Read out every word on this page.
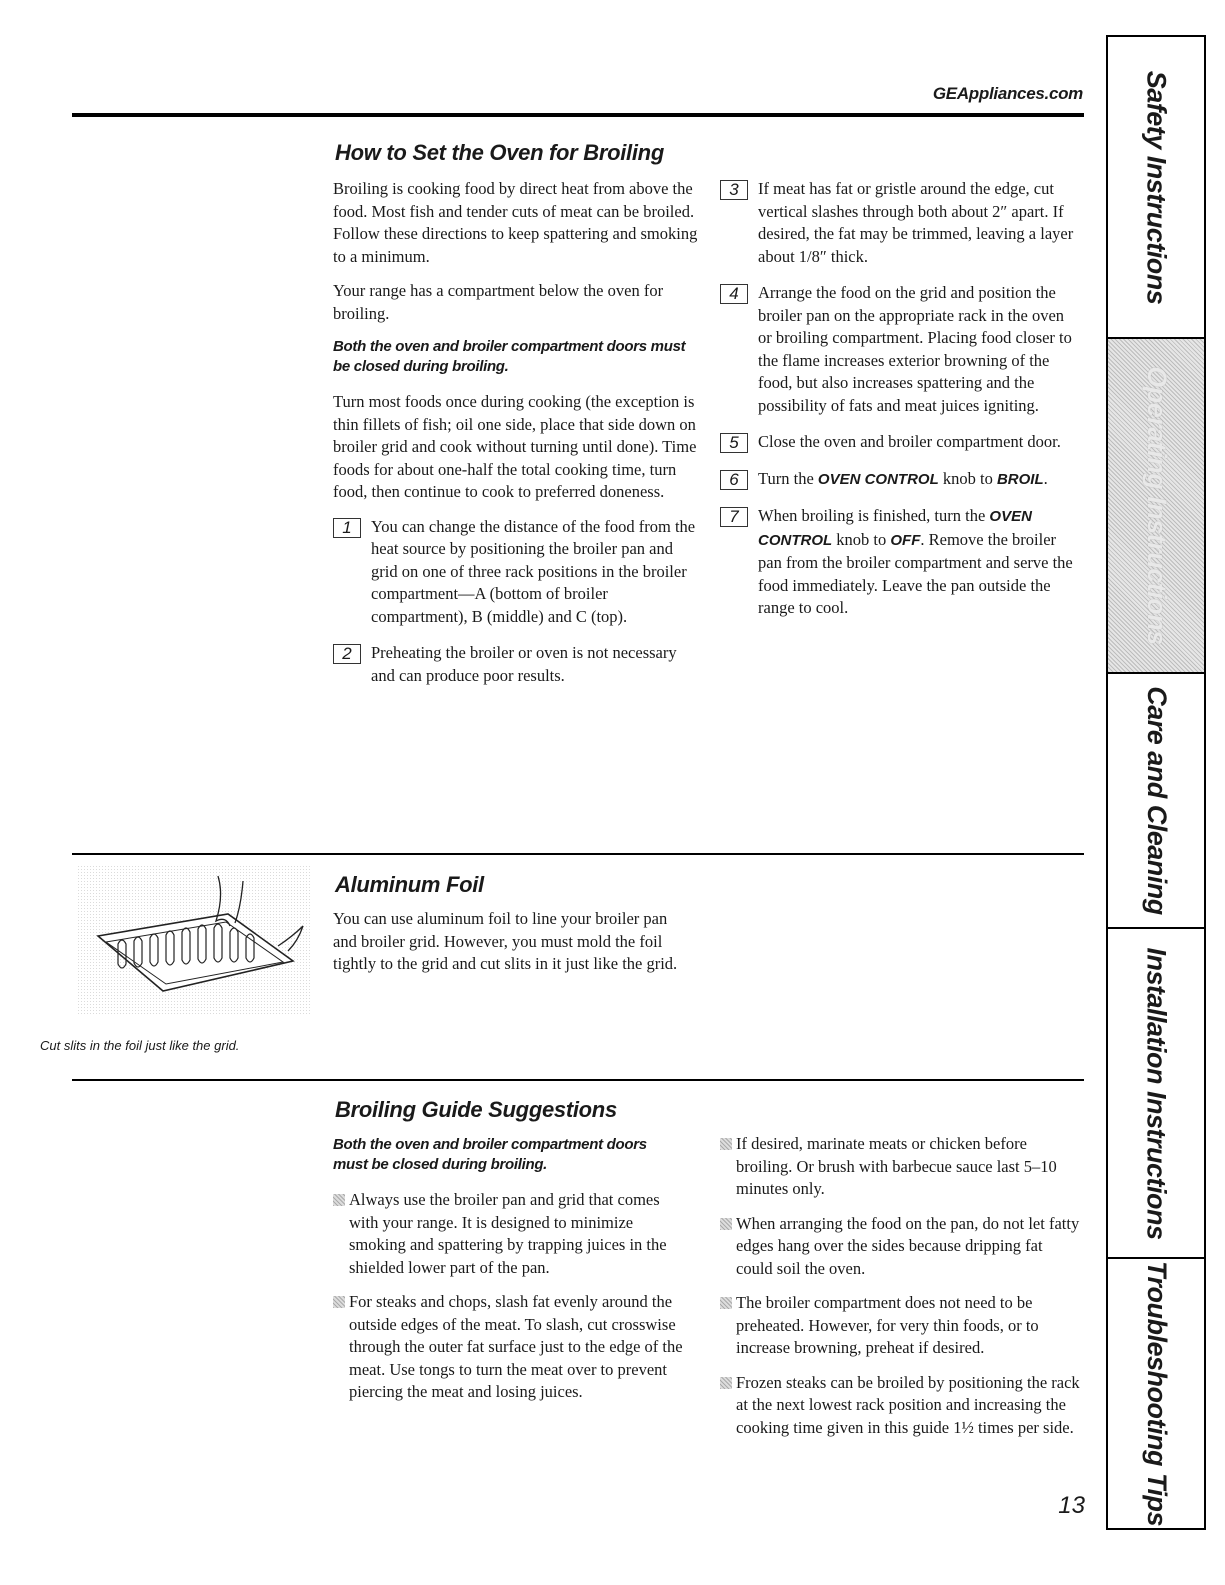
GEAppliances.com
How to Set the Oven for Broiling

Broiling is cooking food by direct heat from above the food. Most fish and tender cuts of meat can be broiled. Follow these directions to keep spattering and smoking to a minimum.

Your range has a compartment below the oven for broiling.

Both the oven and broiler compartment doors must be closed during broiling.

Turn most foods once during cooking (the exception is thin fillets of fish; oil one side, place that side down on broiler grid and cook without turning until done). Time foods for about one-half the total cooking time, turn food, then continue to cook to preferred doneness.

1	You can change the distance of the food from the heat source by positioning the broiler pan and grid on one of three rack positions in the broiler compartment—A (bottom of broiler compartment), B (middle) and C (top).
2	Preheating the broiler or oven is not necessary and can produce poor results.
3	If meat has fat or gristle around the edge, cut vertical slashes through both about 2″ apart. If desired, the fat may be trimmed, leaving a layer about 1/8″ thick.
4	Arrange the food on the grid and position the broiler pan on the appropriate rack in the oven or broiling compartment. Placing food closer to the flame increases exterior browning of the food, but also increases spattering and the possibility of fats and meat juices igniting.
5	Close the oven and broiler compartment door.
6	Turn the OVEN CONTROL knob to BROIL.
7	When broiling is finished, turn the OVEN CONTROL knob to OFF. Remove the broiler pan from the broiler compartment and serve the food immediately. Leave the pan outside the range to cool.
Cut slits in the foil just like the grid.
Aluminum Foil
You can use aluminum foil to line your broiler pan and broiler grid. However, you must mold the foil tightly to the grid and cut slits in it just like the grid.
Broiling Guide Suggestions
Both the oven and broiler compartment doors must be closed during broiling.
Always use the broiler pan and grid that comes with your range. It is designed to minimize smoking and spattering by trapping juices in the shielded lower part of the pan.
For steaks and chops, slash fat evenly around the outside edges of the meat. To slash, cut crosswise through the outer fat surface just to the edge of the meat. Use tongs to turn the meat over to prevent piercing the meat and losing juices.
If desired, marinate meats or chicken before broiling. Or brush with barbecue sauce last 5–10 minutes only.
When arranging the food on the pan, do not let fatty edges hang over the sides because dripping fat could soil the oven.
The broiler compartment does not need to be preheated. However, for very thin foods, or to increase browning, preheat if desired.
Frozen steaks can be broiled by positioning the rack at the next lowest rack position and increasing the cooking time given in this guide 1½ times per side.
13
Safety Instructions
Operating Instructions
Care and Cleaning
Installation Instructions
Troubleshooting Tips
